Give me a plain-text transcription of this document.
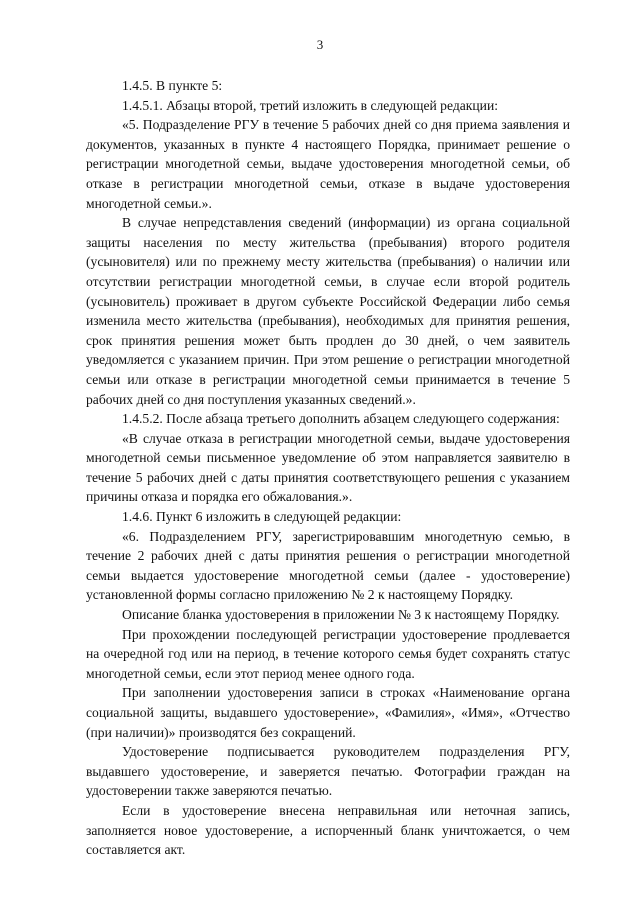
3

1.4.5. В пункте 5:

1.4.5.1. Абзацы второй, третий изложить в следующей редакции:

«5. Подразделение РГУ в течение 5 рабочих дней со дня приема заявления и документов, указанных в пункте 4 настоящего Порядка, принимает решение о регистрации многодетной семьи, выдаче удостоверения многодетной семьи, об отказе в регистрации многодетной семьи, отказе в выдаче удостоверения многодетной семьи.».

В случае непредставления сведений (информации) из органа социальной защиты населения по месту жительства (пребывания) второго родителя (усыновителя) или по прежнему месту жительства (пребывания) о наличии или отсутствии регистрации многодетной семьи, в случае если второй родитель (усыновитель) проживает в другом субъекте Российской Федерации либо семья изменила место жительства (пребывания), необходимых для принятия решения, срок принятия решения может быть продлен до 30 дней, о чем заявитель уведомляется с указанием причин. При этом решение о регистрации многодетной семьи или отказе в регистрации многодетной семьи принимается в течение 5 рабочих дней со дня поступления указанных сведений.».

1.4.5.2. После абзаца третьего дополнить абзацем следующего содержания:

«В случае отказа в регистрации многодетной семьи, выдаче удостоверения многодетной семьи письменное уведомление об этом направляется заявителю в течение 5 рабочих дней с даты принятия соответствующего решения с указанием причины отказа и порядка его обжалования.».

1.4.6. Пункт 6 изложить в следующей редакции:

«6. Подразделением РГУ, зарегистрировавшим многодетную семью, в течение 2 рабочих дней с даты принятия решения о регистрации многодетной семьи выдается удостоверение многодетной семьи (далее - удостоверение) установленной формы согласно приложению № 2 к настоящему Порядку.

Описание бланка удостоверения в приложении № 3 к настоящему Порядку.

При прохождении последующей регистрации удостоверение продлевается на очередной год или на период, в течение которого семья будет сохранять статус многодетной семьи, если этот период менее одного года.

При заполнении удостоверения записи в строках «Наименование органа социальной защиты, выдавшего удостоверение», «Фамилия», «Имя», «Отчество (при наличии)» производятся без сокращений.

Удостоверение подписывается руководителем подразделения РГУ, выдавшего удостоверение, и заверяется печатью. Фотографии граждан на удостоверении также заверяются печатью.

Если в удостоверение внесена неправильная или неточная запись, заполняется новое удостоверение, а испорченный бланк уничтожается, о чем составляется акт.
